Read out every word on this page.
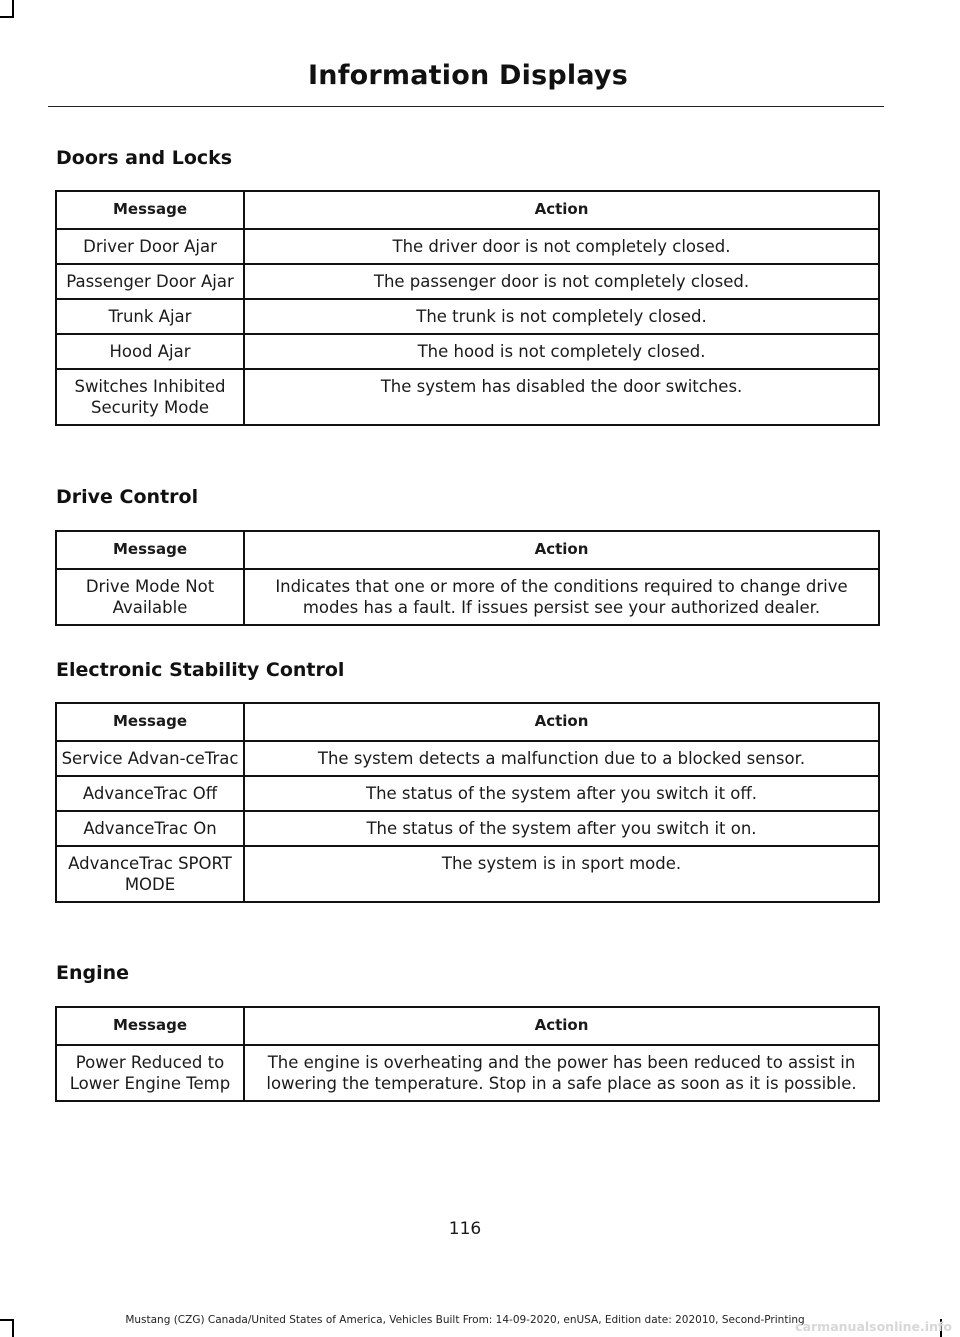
Information Displays
Doors and Locks
Message	Action
Driver Door Ajar	The driver door is not completely closed.
Passenger Door Ajar	The passenger door is not completely closed.
Trunk Ajar	The trunk is not completely closed.
Hood Ajar	The hood is not completely closed.
Switches Inhibited Security Mode	The system has disabled the door switches.
Drive Control
Message	Action
Drive Mode Not Available	Indicates that one or more of the conditions required to change drive modes has a fault. If issues persist see your authorized dealer.
Electronic Stability Control
Message	Action
Service Advan-ceTrac	The system detects a malfunction due to a blocked sensor.
AdvanceTrac Off	The status of the system after you switch it off.
AdvanceTrac On	The status of the system after you switch it on.
AdvanceTrac SPORT MODE	The system is in sport mode.
Engine
Message	Action
Power Reduced to Lower Engine Temp	The engine is overheating and the power has been reduced to assist in lowering the temperature. Stop in a safe place as soon as it is possible.
116
Mustang (CZG) Canada/United States of America, Vehicles Built From: 14-09-2020, enUSA, Edition date: 202010, Second-Printing
carmanualsonline.info
